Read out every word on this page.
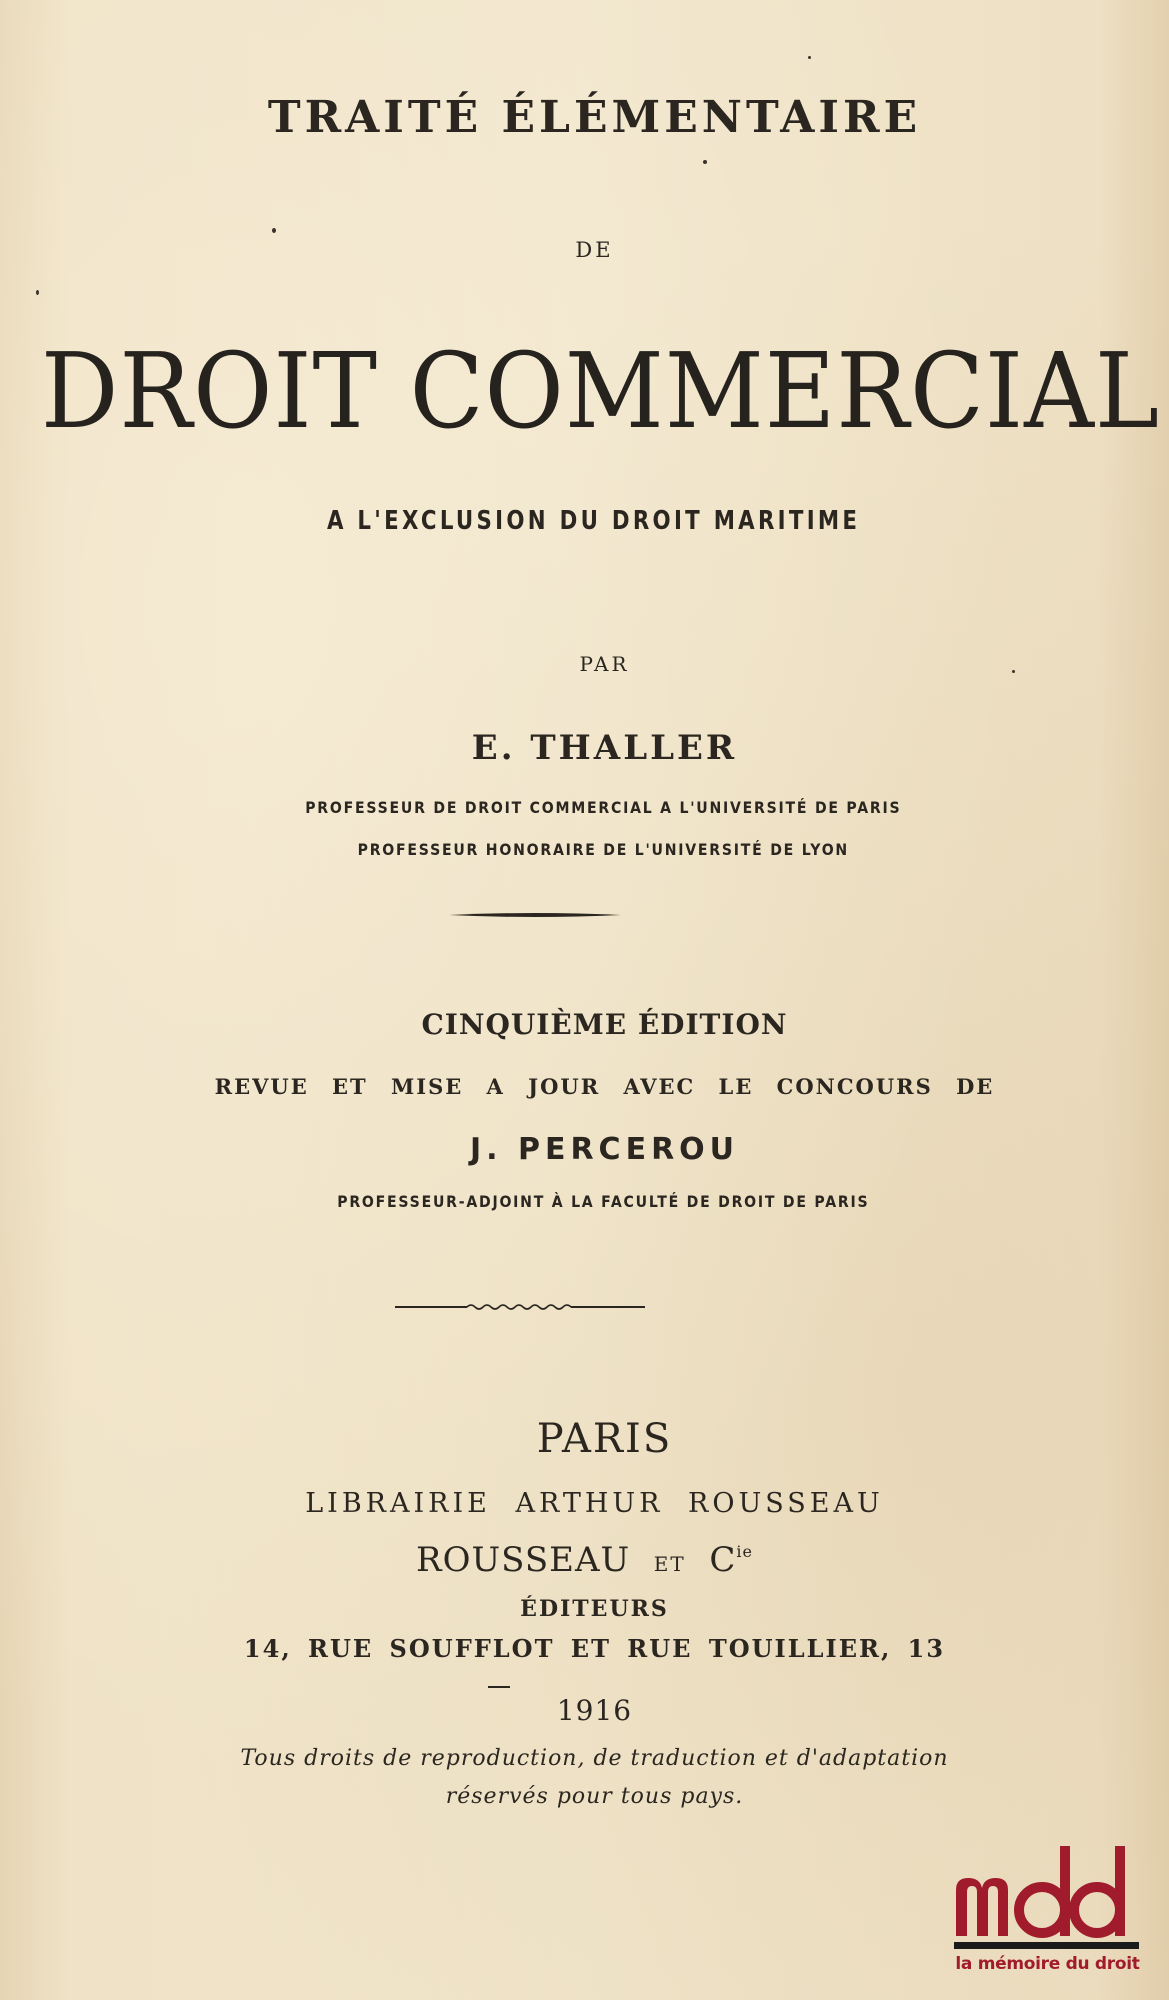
TRAITÉ ÉLÉMENTAIRE

DE

DROIT COMMERCIAL

A L'EXCLUSION DU DROIT MARITIME

PAR

E. THALLER

PROFESSEUR DE DROIT COMMERCIAL A L'UNIVERSITÉ DE PARIS

PROFESSEUR HONORAIRE DE L'UNIVERSITÉ DE LYON

CINQUIÈME ÉDITION

REVUE ET MISE A JOUR AVEC LE CONCOURS DE

J. PERCEROU

PROFESSEUR-ADJOINT À LA FACULTÉ DE DROIT DE PARIS

PARIS

LIBRAIRIE ARTHUR ROUSSEAU

ROUSSEAU ET $C^{ie}$

ÉDITEURS

14, RUE SOUFFLOT ET RUE TOUILLIER, 13

1916

Tous droits de reproduction, de traduction et d'adaptation

réservés pour tous pays.

la mémoire du droit
